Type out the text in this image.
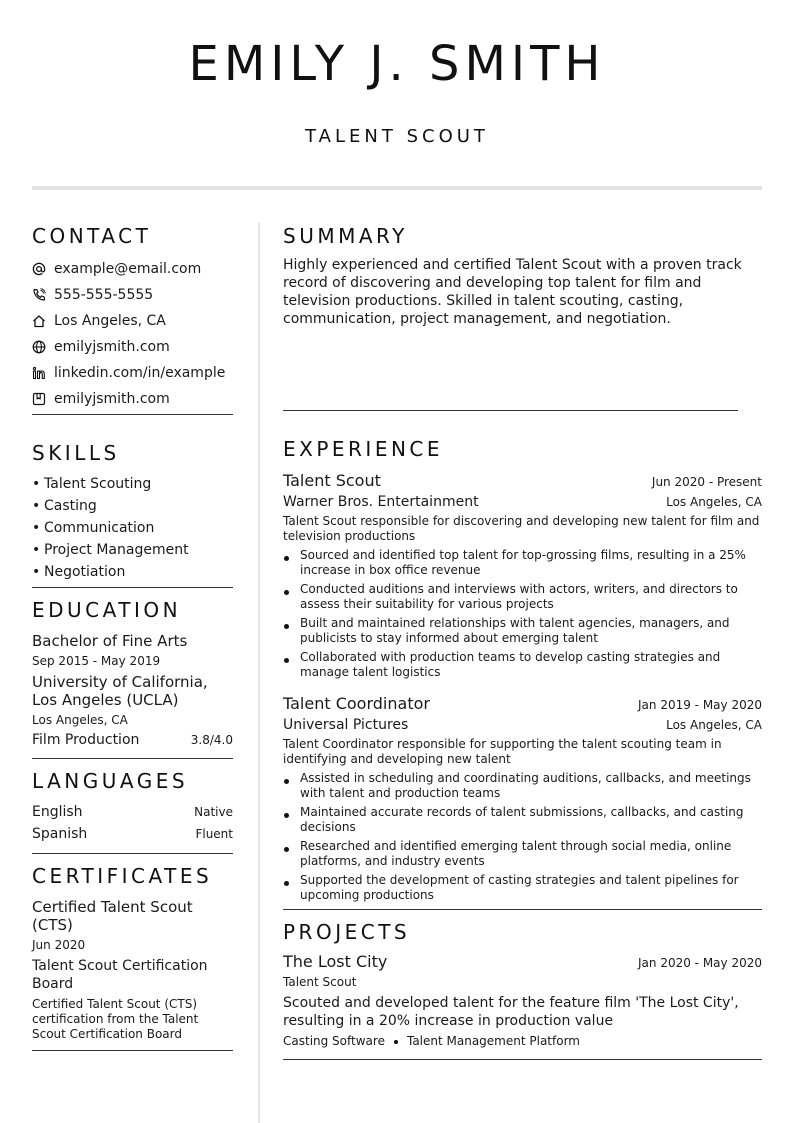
EMILY J. SMITH
TALENT SCOUT
CONTACT
example@email.com
555-555-5555
Los Angeles, CA
emilyjsmith.com
linkedin.com/in/example
emilyjsmith.com
SKILLS
• Talent Scouting
• Casting
• Communication
• Project Management
• Negotiation
EDUCATION
Bachelor of Fine Arts
Sep 2015 - May 2019
University of California, Los Angeles (UCLA)
Los Angeles, CA
Film Production	3.8/4.0
LANGUAGES
English	Native
Spanish	Fluent
CERTIFICATES
Certified Talent Scout (CTS)
Jun 2020
Talent Scout Certification Board
Certified Talent Scout (CTS) certification from the Talent Scout Certification Board
SUMMARY
Highly experienced and certified Talent Scout with a proven track record of discovering and developing top talent for film and television productions. Skilled in talent scouting, casting, communication, project management, and negotiation.
EXPERIENCE
Talent Scout	Jun 2020 - Present
Warner Bros. Entertainment	Los Angeles, CA
Talent Scout responsible for discovering and developing new talent for film and television productions
Sourced and identified top talent for top-grossing films, resulting in a 25% increase in box office revenue
Conducted auditions and interviews with actors, writers, and directors to assess their suitability for various projects
Built and maintained relationships with talent agencies, managers, and publicists to stay informed about emerging talent
Collaborated with production teams to develop casting strategies and manage talent logistics
Talent Coordinator	Jan 2019 - May 2020
Universal Pictures	Los Angeles, CA
Talent Coordinator responsible for supporting the talent scouting team in identifying and developing new talent
Assisted in scheduling and coordinating auditions, callbacks, and meetings with talent and production teams
Maintained accurate records of talent submissions, callbacks, and casting decisions
Researched and identified emerging talent through social media, online platforms, and industry events
Supported the development of casting strategies and talent pipelines for upcoming productions
PROJECTS
The Lost City	Jan 2020 - May 2020
Talent Scout
Scouted and developed talent for the feature film 'The Lost City', resulting in a 20% increase in production value
Casting Software Talent Management Platform
